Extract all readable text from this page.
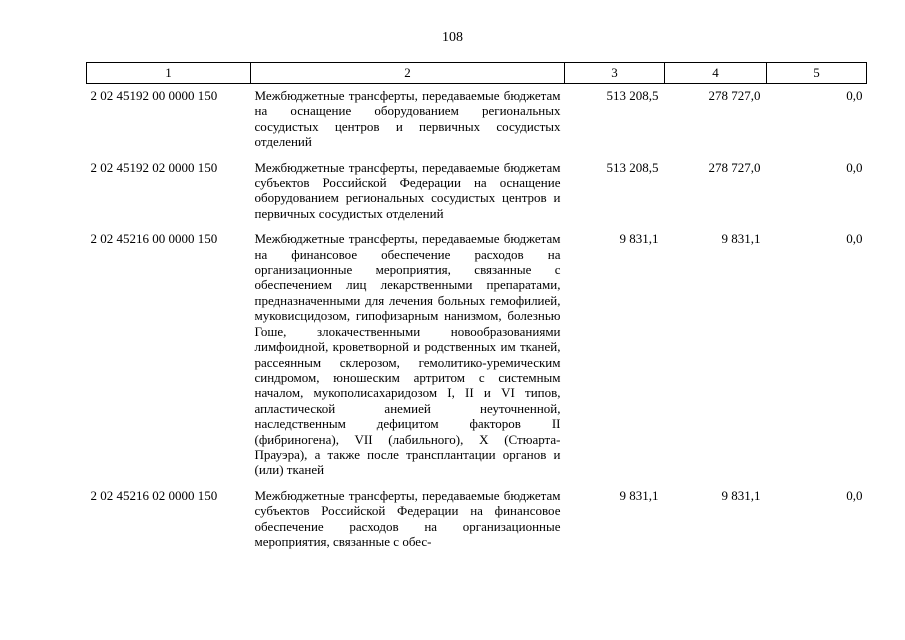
108
1	2	3	4	5
2 02 45192 00 0000 150	Межбюджетные трансферты, передаваемые бюджетам на оснащение оборудованием региональных сосудистых центров и первичных сосудистых отделений	513 208,5	278 727,0	0,0
2 02 45192 02 0000 150	Межбюджетные трансферты, передаваемые бюджетам субъектов Российской Федерации на оснащение оборудованием региональных сосудистых центров и первичных сосудистых отделений	513 208,5	278 727,0	0,0
2 02 45216 00 0000 150	Межбюджетные трансферты, передаваемые бюджетам на финансовое обеспечение расходов на организационные мероприятия, связанные с обеспечением лиц лекарственными препаратами, предназначенными для лечения больных гемофилией, муковисцидозом, гипофизарным нанизмом, болезнью Гоше, злокачественными новообразованиями лимфоидной, кроветворной и родственных им тканей, рассеянным склерозом, гемолитико-уремическим синдромом, юношеским артритом с системным началом, мукополисахаридозом I, II и VI типов, апластической анемией неуточненной, наследственным дефицитом факторов II (фибриногена), VII (лабильного), X (Стюарта-Прауэра), а также после трансплантации органов и (или) тканей	9 831,1	9 831,1	0,0
2 02 45216 02 0000 150	Межбюджетные трансферты, передаваемые бюджетам субъектов Российской Федерации на финансовое обеспечение расходов на организационные мероприятия, связанные с обес-	9 831,1	9 831,1	0,0
